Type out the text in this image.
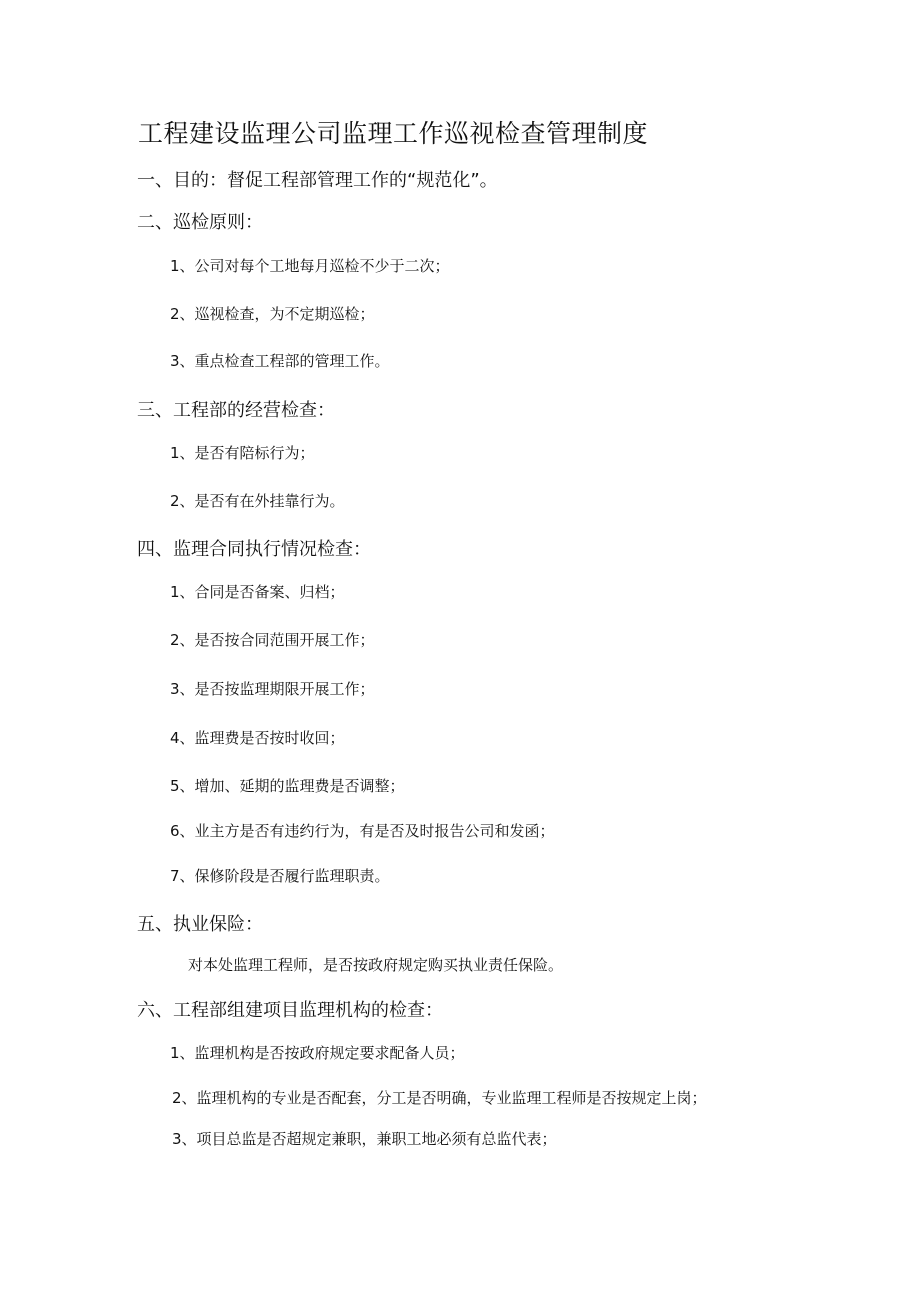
工程建设监理公司监理工作巡视检查管理制度
一、目的：督促工程部管理工作的“规范化”。
二、巡检原则：
1、公司对每个工地每月巡检不少于二次；
2、巡视检查，为不定期巡检；
3、重点检查工程部的管理工作。
三、工程部的经营检查：
1、是否有陪标行为；
2、是否有在外挂靠行为。
四、监理合同执行情况检查：
1、合同是否备案、归档；
2、是否按合同范围开展工作；
3、是否按监理期限开展工作；
4、监理费是否按时收回；
5、增加、延期的监理费是否调整；
6、业主方是否有违约行为，有是否及时报告公司和发函；
7、保修阶段是否履行监理职责。
五、执业保险：
对本处监理工程师，是否按政府规定购买执业责任保险。
六、工程部组建项目监理机构的检查：
1、监理机构是否按政府规定要求配备人员；
2、监理机构的专业是否配套，分工是否明确，专业监理工程师是否按规定上岗；
3、项目总监是否超规定兼职，兼职工地必须有总监代表；
